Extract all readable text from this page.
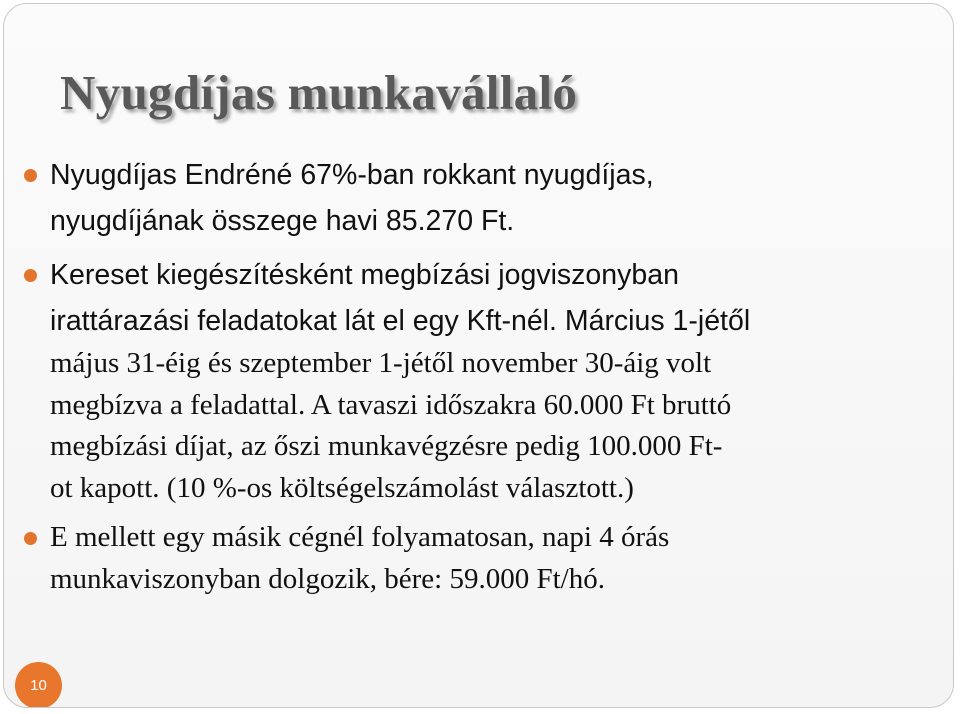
Nyugdíjas munkavállaló
Nyugdíjas Endréné 67%-ban rokkant nyugdíjas,
nyugdíjának összege havi 85.270 Ft.
Kereset kiegészítésként megbízási jogviszonyban
irattárazási feladatokat lát el egy Kft-nél. Március 1-jétől
május 31-éig és szeptember 1-jétől november 30-áig volt
megbízva a feladattal. A tavaszi időszakra 60.000 Ft bruttó
megbízási díjat, az őszi munkavégzésre pedig 100.000 Ft-
ot kapott. (10 %-os költségelszámolást választott.)
E mellett egy másik cégnél folyamatosan, napi 4 órás
munkaviszonyban dolgozik, bére: 59.000 Ft/hó.
10
